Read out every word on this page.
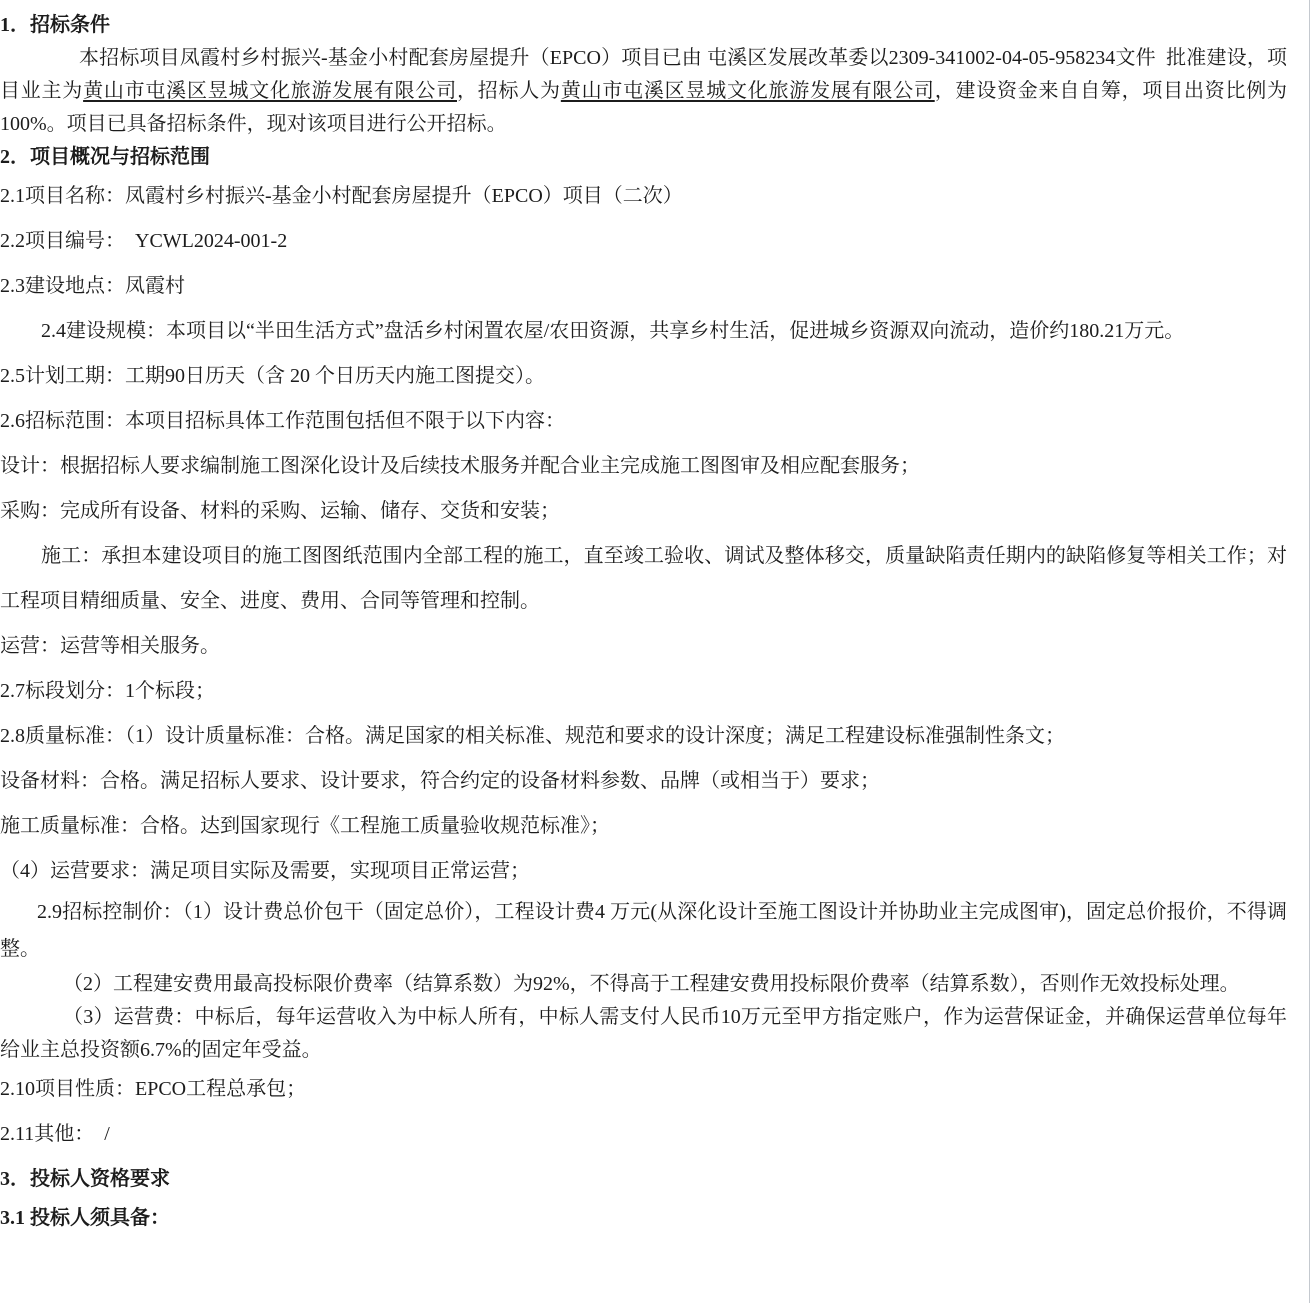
1．招标条件

本招标项目凤霞村乡村振兴-基金小村配套房屋提升（EPCO）项目已由 屯溪区发展改革委以2309-341002-04-05-958234文件  批准建设，项目业主为黄山市屯溪区昱城文化旅游发展有限公司，招标人为黄山市屯溪区昱城文化旅游发展有限公司，建设资金来自自筹，项目出资比例为100%。项目已具备招标条件，现对该项目进行公开招标。

2．项目概况与招标范围

2.1项目名称：凤霞村乡村振兴-基金小村配套房屋提升（EPCO）项目（二次）

2.2项目编号：  YCWL2024-001-2

2.3建设地点：凤霞村

2.4建设规模：本项目以“半田生活方式”盘活乡村闲置农屋/农田资源，共享乡村生活，促进城乡资源双向流动，造价约180.21万元。

2.5计划工期：工期90日历天（含 20 个日历天内施工图提交）。

2.6招标范围：本项目招标具体工作范围包括但不限于以下内容：

设计：根据招标人要求编制施工图深化设计及后续技术服务并配合业主完成施工图图审及相应配套服务；

采购：完成所有设备、材料的采购、运输、储存、交货和安装；

施工：承担本建设项目的施工图图纸范围内全部工程的施工，直至竣工验收、调试及整体移交，质量缺陷责任期内的缺陷修复等相关工作；对工程项目精细质量、安全、进度、费用、合同等管理和控制。

运营：运营等相关服务。

2.7标段划分：1个标段；

2.8质量标准：（1）设计质量标准：合格。满足国家的相关标准、规范和要求的设计深度；满足工程建设标准强制性条文；

设备材料：合格。满足招标人要求、设计要求，符合约定的设备材料参数、品牌（或相当于）要求；

施工质量标准：合格。达到国家现行《工程施工质量验收规范标准》；

（4）运营要求：满足项目实际及需要，实现项目正常运营；

2.9招标控制价：（1）设计费总价包干（固定总价），工程设计费4 万元(从深化设计至施工图设计并协助业主完成图审)，固定总价报价，不得调整。

（2）工程建安费用最高投标限价费率（结算系数）为92%，不得高于工程建安费用投标限价费率（结算系数），否则作无效投标处理。

（3）运营费：中标后，每年运营收入为中标人所有，中标人需支付人民币10万元至甲方指定账户，作为运营保证金，并确保运营单位每年给业主总投资额6.7%的固定年受益。

2.10项目性质：EPCO工程总承包；

2.11其他：  /

3．投标人资格要求

3.1 投标人须具备：
